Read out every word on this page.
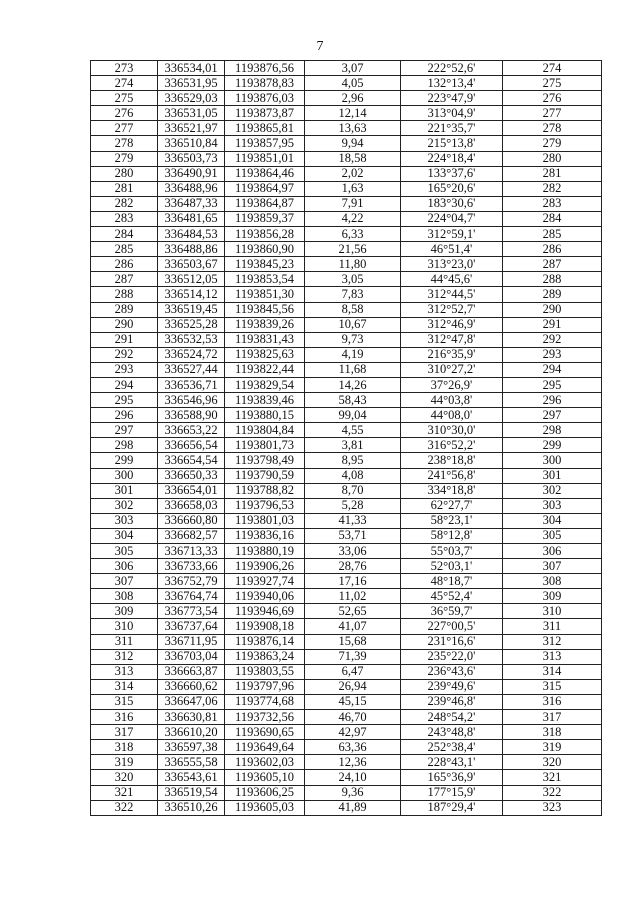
7
273	336534,01	1193876,56	3,07	222°52,6'	274
274	336531,95	1193878,83	4,05	132°13,4'	275
275	336529,03	1193876,03	2,96	223°47,9'	276
276	336531,05	1193873,87	12,14	313°04,9'	277
277	336521,97	1193865,81	13,63	221°35,7'	278
278	336510,84	1193857,95	9,94	215°13,8'	279
279	336503,73	1193851,01	18,58	224°18,4'	280
280	336490,91	1193864,46	2,02	133°37,6'	281
281	336488,96	1193864,97	1,63	165°20,6'	282
282	336487,33	1193864,87	7,91	183°30,6'	283
283	336481,65	1193859,37	4,22	224°04,7'	284
284	336484,53	1193856,28	6,33	312°59,1'	285
285	336488,86	1193860,90	21,56	46°51,4'	286
286	336503,67	1193845,23	11,80	313°23,0'	287
287	336512,05	1193853,54	3,05	44°45,6'	288
288	336514,12	1193851,30	7,83	312°44,5'	289
289	336519,45	1193845,56	8,58	312°52,7'	290
290	336525,28	1193839,26	10,67	312°46,9'	291
291	336532,53	1193831,43	9,73	312°47,8'	292
292	336524,72	1193825,63	4,19	216°35,9'	293
293	336527,44	1193822,44	11,68	310°27,2'	294
294	336536,71	1193829,54	14,26	37°26,9'	295
295	336546,96	1193839,46	58,43	44°03,8'	296
296	336588,90	1193880,15	99,04	44°08,0'	297
297	336653,22	1193804,84	4,55	310°30,0'	298
298	336656,54	1193801,73	3,81	316°52,2'	299
299	336654,54	1193798,49	8,95	238°18,8'	300
300	336650,33	1193790,59	4,08	241°56,8'	301
301	336654,01	1193788,82	8,70	334°18,8'	302
302	336658,03	1193796,53	5,28	62°27,7'	303
303	336660,80	1193801,03	41,33	58°23,1'	304
304	336682,57	1193836,16	53,71	58°12,8'	305
305	336713,33	1193880,19	33,06	55°03,7'	306
306	336733,66	1193906,26	28,76	52°03,1'	307
307	336752,79	1193927,74	17,16	48°18,7'	308
308	336764,74	1193940,06	11,02	45°52,4'	309
309	336773,54	1193946,69	52,65	36°59,7'	310
310	336737,64	1193908,18	41,07	227°00,5'	311
311	336711,95	1193876,14	15,68	231°16,6'	312
312	336703,04	1193863,24	71,39	235°22,0'	313
313	336663,87	1193803,55	6,47	236°43,6'	314
314	336660,62	1193797,96	26,94	239°49,6'	315
315	336647,06	1193774,68	45,15	239°46,8'	316
316	336630,81	1193732,56	46,70	248°54,2'	317
317	336610,20	1193690,65	42,97	243°48,8'	318
318	336597,38	1193649,64	63,36	252°38,4'	319
319	336555,58	1193602,03	12,36	228°43,1'	320
320	336543,61	1193605,10	24,10	165°36,9'	321
321	336519,54	1193606,25	9,36	177°15,9'	322
322	336510,26	1193605,03	41,89	187°29,4'	323
